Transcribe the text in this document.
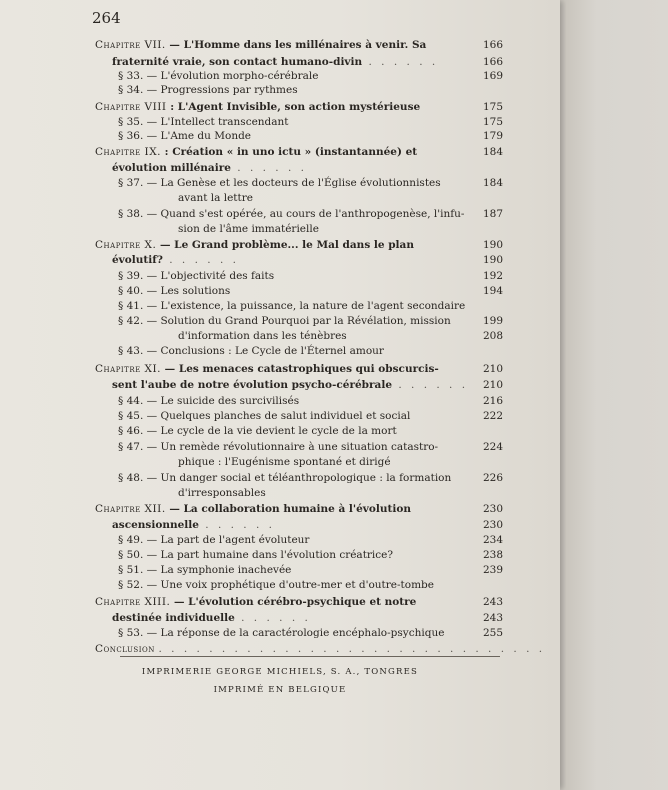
264
Chapitre VII. — L'Homme dans les millénaires à venir. Sa	166
fraternité vraie, son contact humano-divin . . . . . .	166
§ 33. — L'évolution morpho-cérébrale	169
§ 34. — Progressions par rythmes
Chapitre VIII : L'Agent Invisible, son action mystérieuse	175
§ 35. — L'Intellect transcendant	175
§ 36. — L'Ame du Monde	179
Chapitre IX. : Création « in uno ictu » (instantannée) et	184
évolution millénaire . . . . . .
§ 37. — La Genèse et les docteurs de l'Église évolutionnistes	184
avant la lettre
§ 38. — Quand s'est opérée, au cours de l'anthropogenèse, l'infu- 187
sion de l'âme immatérielle
Chapitre X. — Le Grand problème... le Mal dans le plan	190
évolutif? . . . . . .	190
§ 39. — L'objectivité des faits	192
§ 40. — Les solutions	194
§ 41. — L'existence, la puissance, la nature de l'agent secondaire
§ 42. — Solution du Grand Pourquoi par la Révélation, mission	199
d'information dans les ténèbres	208
§ 43. — Conclusions : Le Cycle de l'Éternel amour
Chapitre XI. — Les menaces catastrophiques qui obscurcis-	210
sent l'aube de notre évolution psycho-cérébrale . . . . . . 210
§ 44. — Le suicide des surcivilisés	216
§ 45. — Quelques planches de salut individuel et social	222
§ 46. — Le cycle de la vie devient le cycle de la mort
§ 47. — Un remède révolutionnaire à une situation catastro-	224
phique : l'Eugénisme spontané et dirigé
§ 48. — Un danger social et téléanthropologique : la formation	226
d'irresponsables
Chapitre XII. — La collaboration humaine à l'évolution	230
ascensionnelle . . . . . .	230
§ 49. — La part de l'agent évoluteur	234
§ 50. — La part humaine dans l'évolution créatrice?	238
§ 51. — La symphonie inachevée	239
§ 52. — Une voix prophétique d'outre-mer et d'outre-tombe
Chapitre XIII. — L'évolution cérébro-psychique et notre	243
destinée individuelle . . . . . .	243
§ 53. — La réponse de la caractérologie encéphalo-psychique	255
Conclusion . . . . . . . . . . . . . . . . . . . . . . . . . . . . . . .
IMPRIMERIE GEORGE MICHIELS, S. A., TONGRES
IMPRIMÉ EN BELGIQUE
